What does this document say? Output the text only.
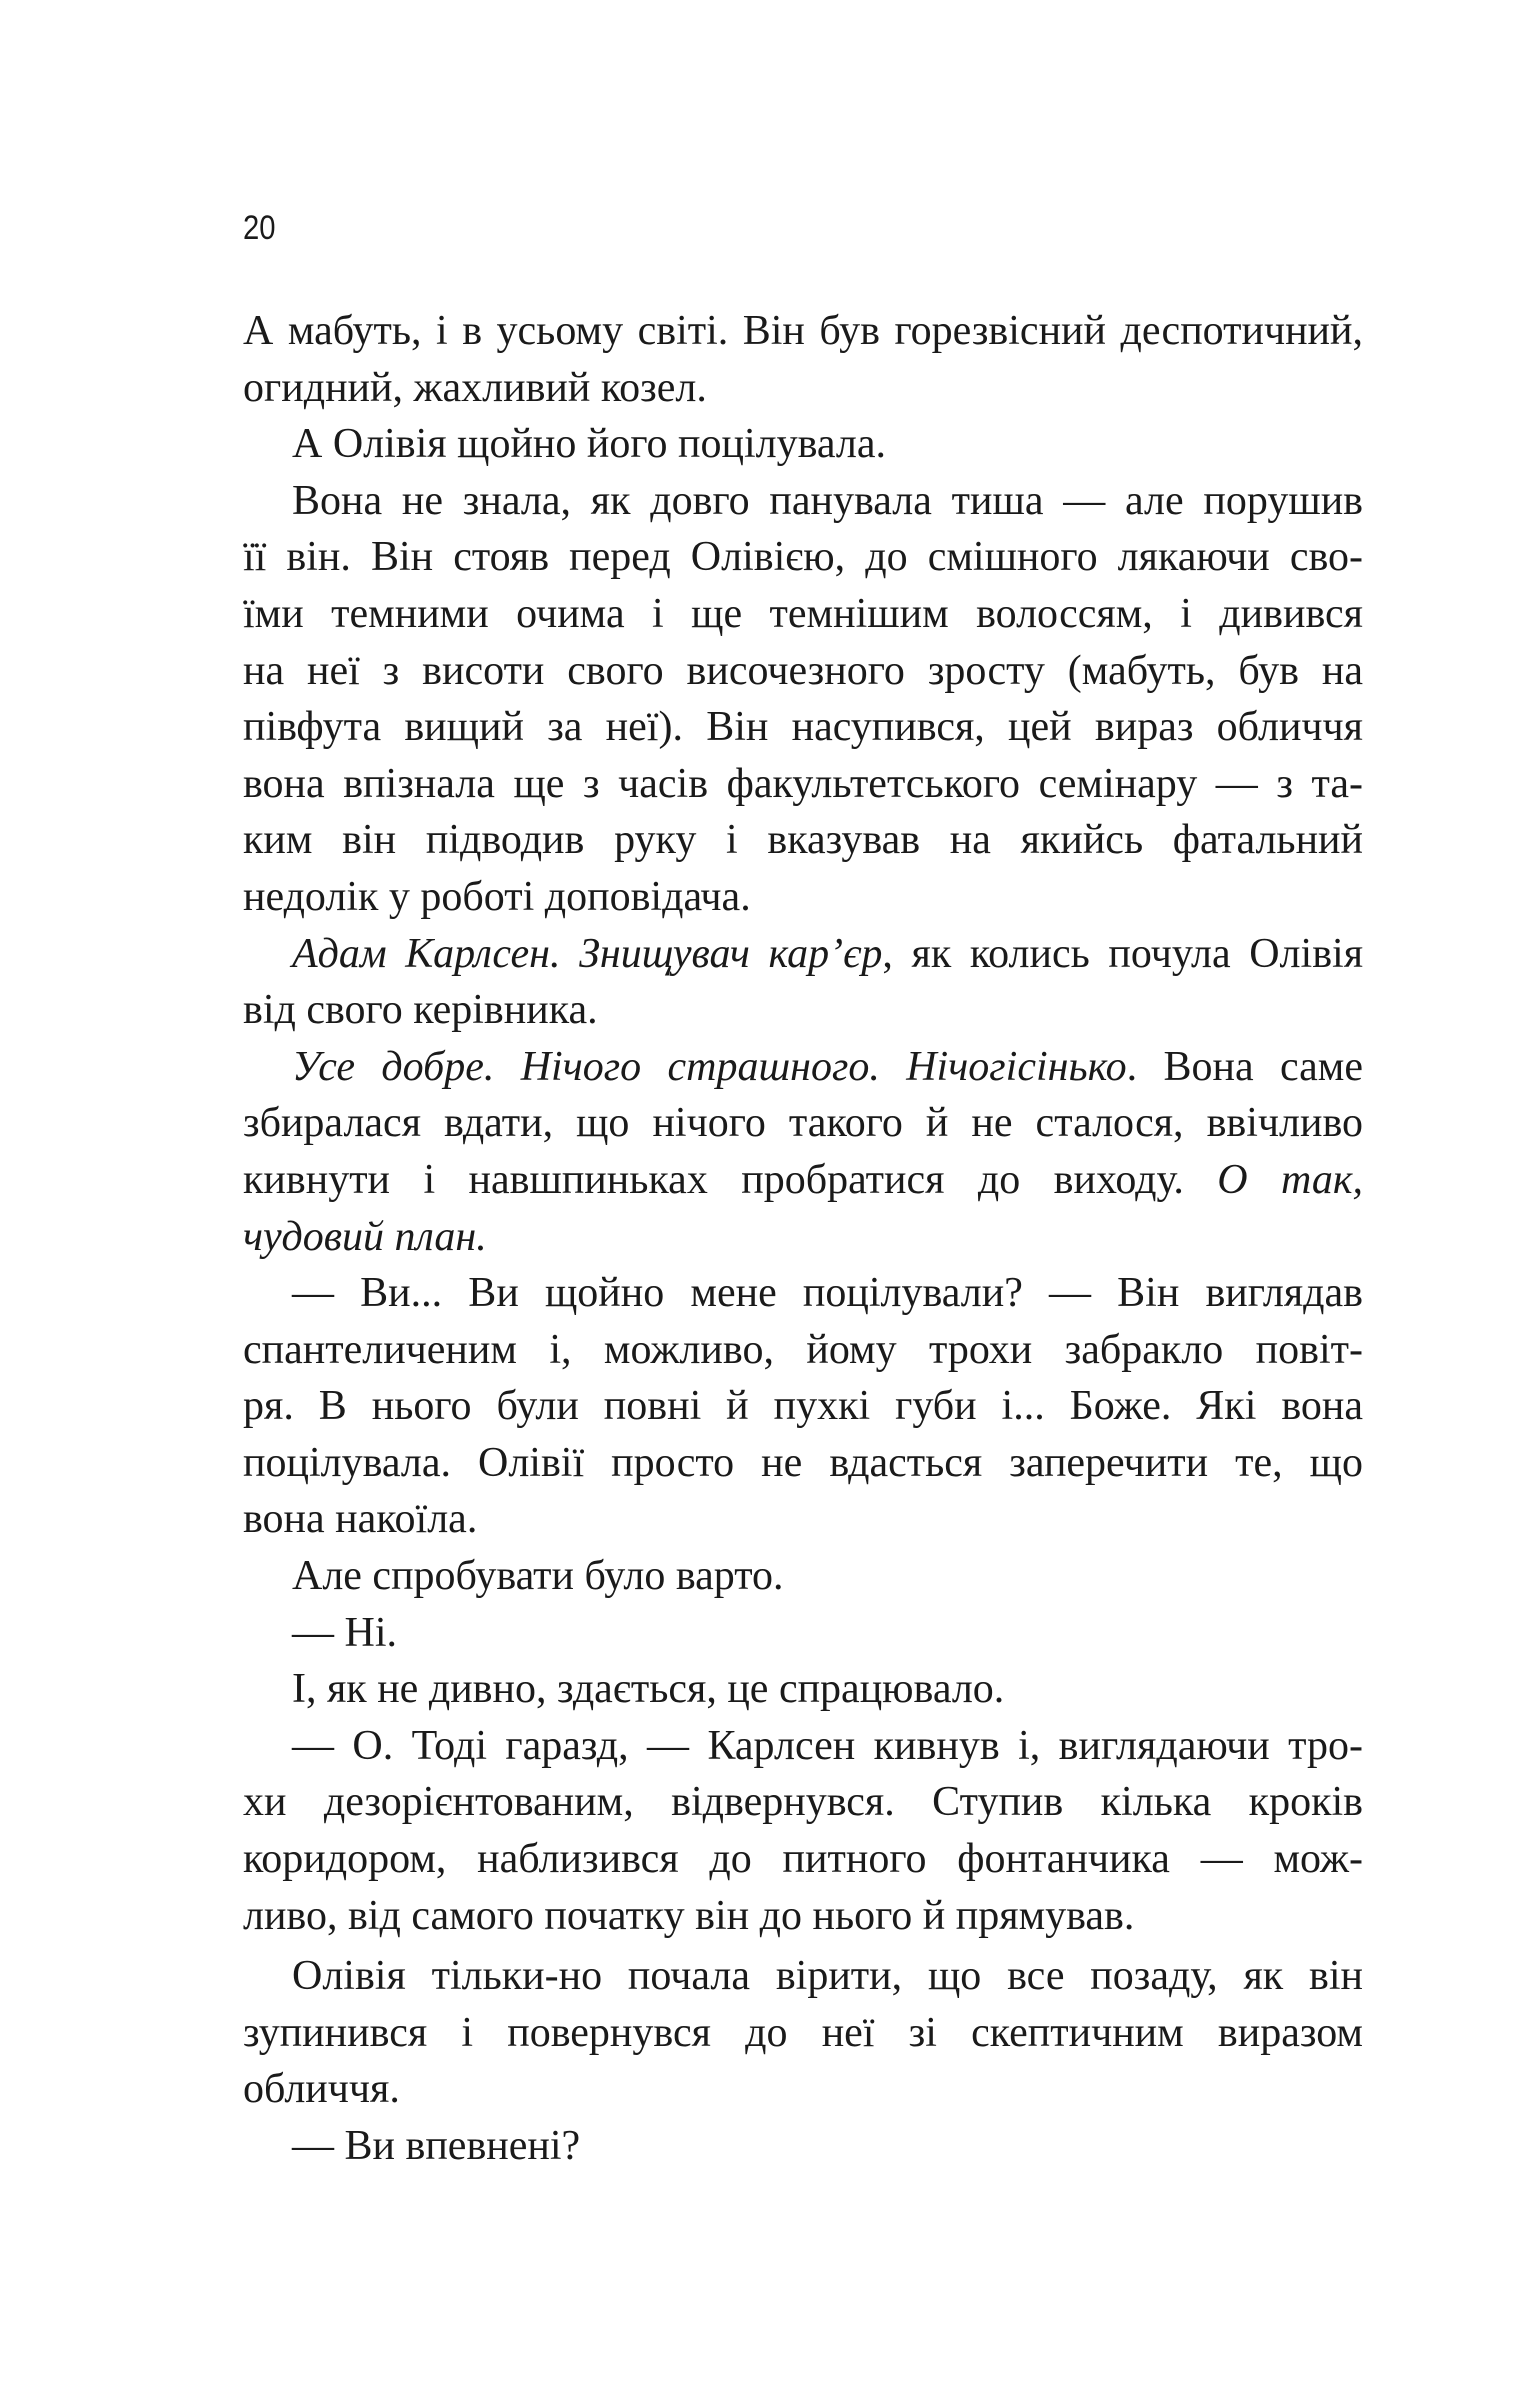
20
А мабуть, і в усьому світі. Він був горезвісний деспотичний,
огидний, жахливий козел.
А Олівія щойно його поцілувала.
Вона не знала, як довго панувала тиша — але порушив
її він. Він стояв перед Олівією, до смішного лякаючи сво-
їми темними очима і ще темнішим волоссям, і дивився
на неї з висоти свого височезного зросту (мабуть, був на
півфута вищий за неї). Він насупився, цей вираз обличчя
вона впізнала ще з часів факультетського семінару — з та-
ким він підводив руку і вказував на якийсь фатальний
недолік у роботі доповідача.
Адам Карлсен. Знищувач кар’єр, як колись почула Олівія
від свого керівника.
Усе добре. Нічого страшного. Нічогісінько. Вона саме
збиралася вдати, що нічого такого й не сталося, ввічливо
кивнути і навшпиньках пробратися до виходу. О так,
чудовий план.
— Ви... Ви щойно мене поцілували? — Він виглядав
спантеличеним і, можливо, йому трохи забракло повіт-
ря. В нього були повні й пухкі губи і... Боже. Які вона
поцілувала. Олівії просто не вдасться заперечити те, що
вона накоїла.
Але спробувати було варто.
— Ні.
І, як не дивно, здається, це спрацювало.
— О. Тоді гаразд, — Карлсен кивнув і, виглядаючи тро-
хи дезорієнтованим, відвернувся. Ступив кілька кроків
коридором, наблизився до питного фонтанчика — мож-
ливо, від самого початку він до нього й прямував.
Олівія тільки-но почала вірити, що все позаду, як він
зупинився і повернувся до неї зі скептичним виразом
обличчя.
— Ви впевнені?
